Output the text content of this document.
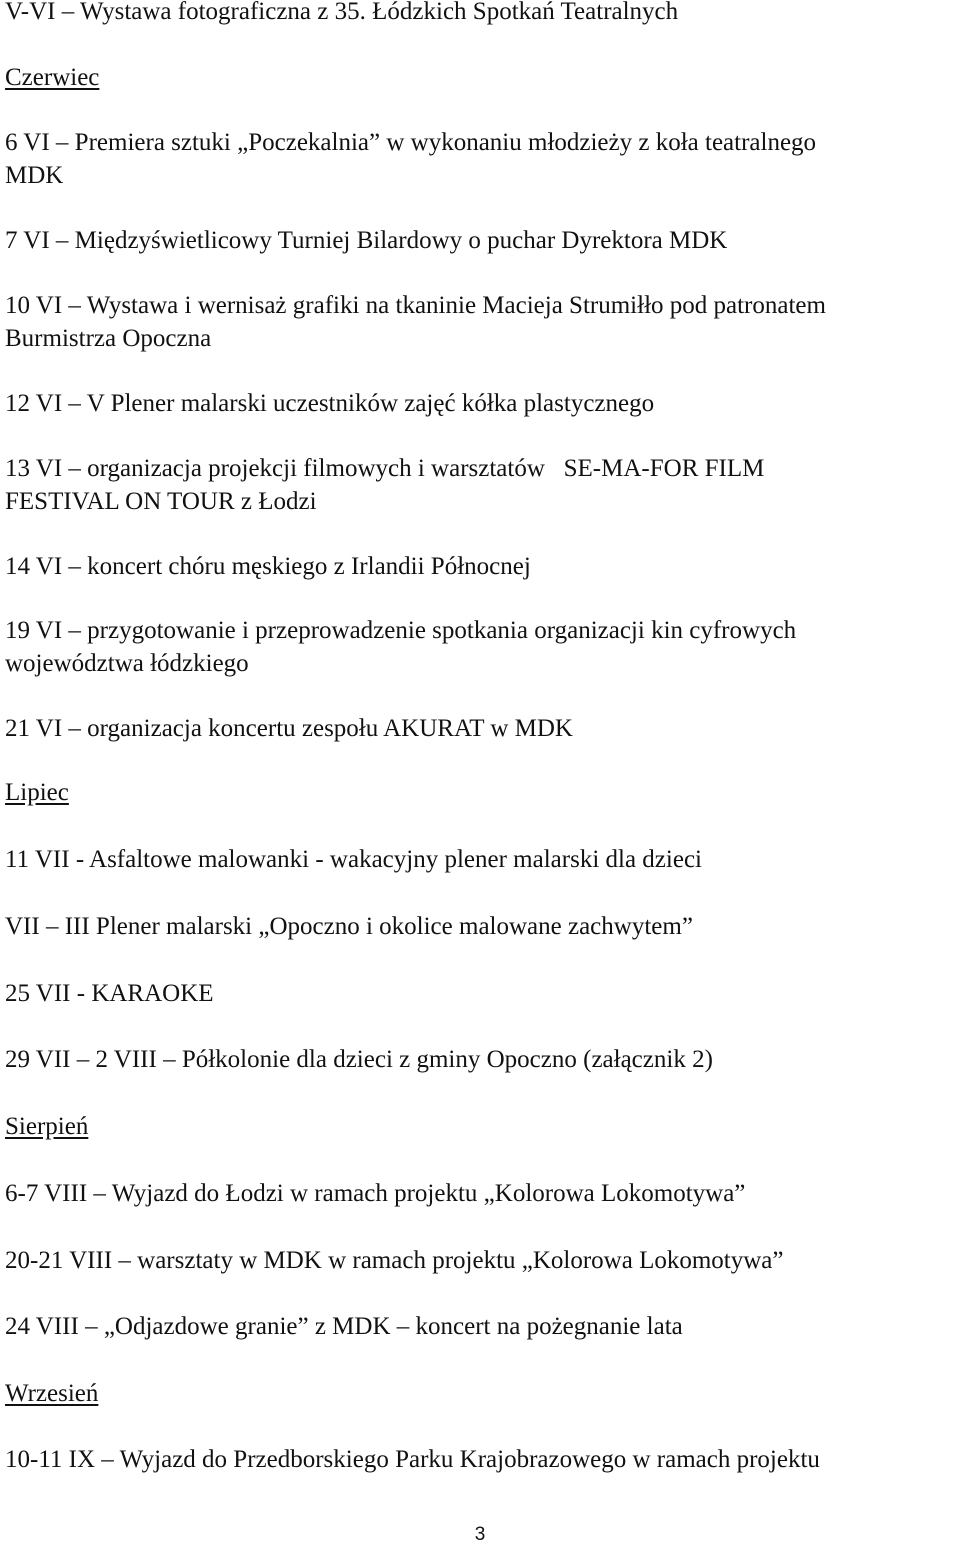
V-VI – Wystawa fotograficzna z 35. Łódzkich Spotkań Teatralnych
Czerwiec
6 VI – Premiera sztuki „Poczekalnia” w wykonaniu młodzieży z koła teatralnego
MDK
7 VI – Międzyświetlicowy Turniej Bilardowy o puchar Dyrektora MDK
10 VI – Wystawa i wernisaż grafiki na tkaninie Macieja Strumiłło pod patronatem
Burmistrza Opoczna
12 VI – V Plener malarski uczestników zajęć kółka plastycznego
13 VI – organizacja projekcji filmowych i warsztatów   SE-MA-FOR FILM
FESTIVAL ON TOUR z Łodzi
14 VI – koncert chóru męskiego z Irlandii Północnej
19 VI – przygotowanie i przeprowadzenie spotkania organizacji kin cyfrowych
województwa łódzkiego
21 VI – organizacja koncertu zespołu AKURAT w MDK
Lipiec
11 VII - Asfaltowe malowanki - wakacyjny plener malarski dla dzieci
VII – III Plener malarski „Opoczno i okolice malowane zachwytem”
25 VII - KARAOKE
29 VII – 2 VIII – Półkolonie dla dzieci z gminy Opoczno (załącznik 2)
Sierpień
6-7 VIII – Wyjazd do Łodzi w ramach projektu „Kolorowa Lokomotywa”
20-21 VIII – warsztaty w MDK w ramach projektu „Kolorowa Lokomotywa”
24 VIII – „Odjazdowe granie” z MDK – koncert na pożegnanie lata
Wrzesień
10-11 IX – Wyjazd do Przedborskiego Parku Krajobrazowego w ramach projektu
3
